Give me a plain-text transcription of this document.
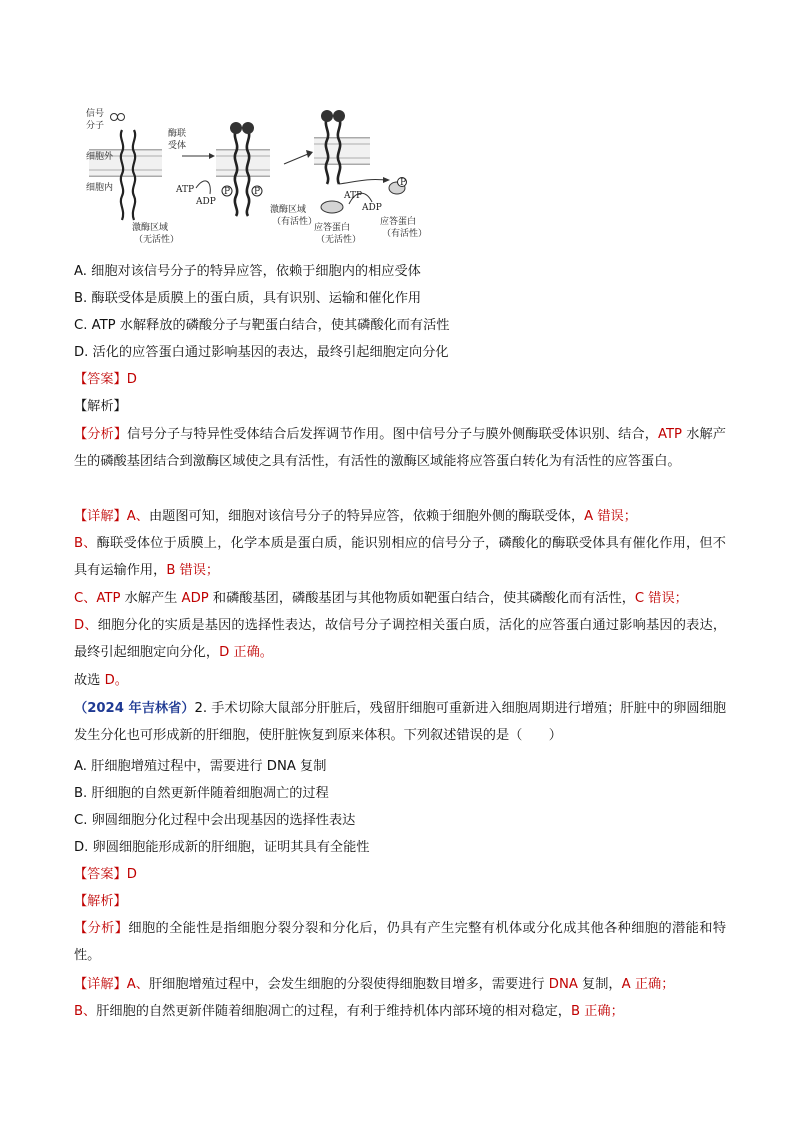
信号
分子
酶联
受体
细胞外
细胞内
激酶区域
（无活性）
ATP
ADP
P	P
激酶区域
（有活性）
ATP
ADP
P
应答蛋白
（无活性）
应答蛋白
（有活性）
A. 细胞对该信号分子的特异应答，依赖于细胞内的相应受体
B. 酶联受体是质膜上的蛋白质，具有识别、运输和催化作用
C. ATP 水解释放的磷酸分子与靶蛋白结合，使其磷酸化而有活性
D. 活化的应答蛋白通过影响基因的表达，最终引起细胞定向分化
【答案】D
【解析】
【分析】信号分子与特异性受体结合后发挥调节作用。图中信号分子与膜外侧酶联受体识别、结合，ATP 水解产生的磷酸基团结合到激酶区域使之具有活性，有活性的激酶区域能将应答蛋白转化为有活性的应答蛋白。
【详解】A、由题图可知，细胞对该信号分子的特异应答，依赖于细胞外侧的酶联受体，A 错误；
B、酶联受体位于质膜上，化学本质是蛋白质，能识别相应的信号分子，磷酸化的酶联受体具有催化作用，但不具有运输作用，B 错误；
C、ATP 水解产生 ADP 和磷酸基团，磷酸基团与其他物质如靶蛋白结合，使其磷酸化而有活性，C 错误；
D、细胞分化的实质是基因的选择性表达，故信号分子调控相关蛋白质，活化的应答蛋白通过影响基因的表达，最终引起细胞定向分化，D 正确。
故选 D。
（2024 年吉林省）2. 手术切除大鼠部分肝脏后，残留肝细胞可重新进入细胞周期进行增殖；肝脏中的卵圆细胞发生分化也可形成新的肝细胞，使肝脏恢复到原来体积。下列叙述错误的是（　　）
A. 肝细胞增殖过程中，需要进行 DNA 复制
B. 肝细胞的自然更新伴随着细胞凋亡的过程
C. 卵圆细胞分化过程中会出现基因的选择性表达
D. 卵圆细胞能形成新的肝细胞，证明其具有全能性
【答案】D
【解析】
【分析】细胞的全能性是指细胞分裂分裂和分化后，仍具有产生完整有机体或分化成其他各种细胞的潜能和特性。
【详解】A、肝细胞增殖过程中，会发生细胞的分裂使得细胞数目增多，需要进行 DNA 复制，A 正确；
B、肝细胞的自然更新伴随着细胞凋亡的过程，有利于维持机体内部环境的相对稳定，B 正确；
